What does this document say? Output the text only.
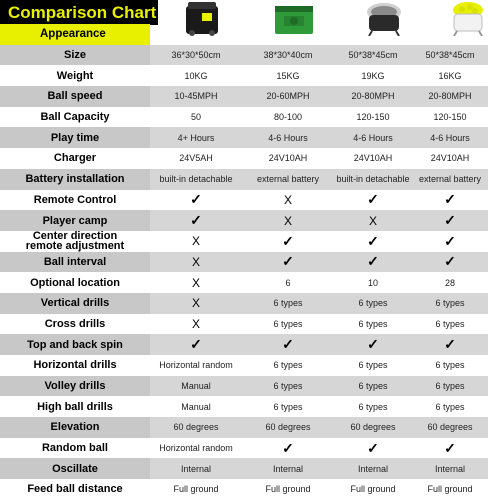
Comparison Chart
Appearance				
Size	36*30*50cm	38*30*40cm	50*38*45cm	50*38*45cm
Weight	10KG	15KG	19KG	16KG
Ball speed	10-45MPH	20-60MPH	20-80MPH	20-80MPH
Ball Capacity	50	80-100	120-150	120-150
Play time	4+ Hours	4-6 Hours	4-6 Hours	4-6 Hours
Charger	24V5AH	24V10AH	24V10AH	24V10AH
Battery installation	built-in detachable	external battery	built-in detachable	external battery
Remote Control	✓	X	✓	✓
Player camp	✓	X	X	✓
Center direction remote adjustment	X	✓	✓	✓
Ball interval	X	✓	✓	✓
Optional location	X	6	10	28
Vertical drills	X	6 types	6 types	6 types
Cross drills	X	6 types	6 types	6 types
Top and back spin	✓	✓	✓	✓
Horizontal drills	Horizontal random	6 types	6 types	6 types
Volley drills	Manual	6 types	6 types	6 types
High ball drills	Manual	6 types	6 types	6 types
Elevation	60 degrees	60 degrees	60 degrees	60 degrees
Random ball	Horizontal random	✓	✓	✓
Oscillate	Internal	Internal	Internal	Internal
Feed ball distance	Full ground	Full ground	Full ground	Full ground
